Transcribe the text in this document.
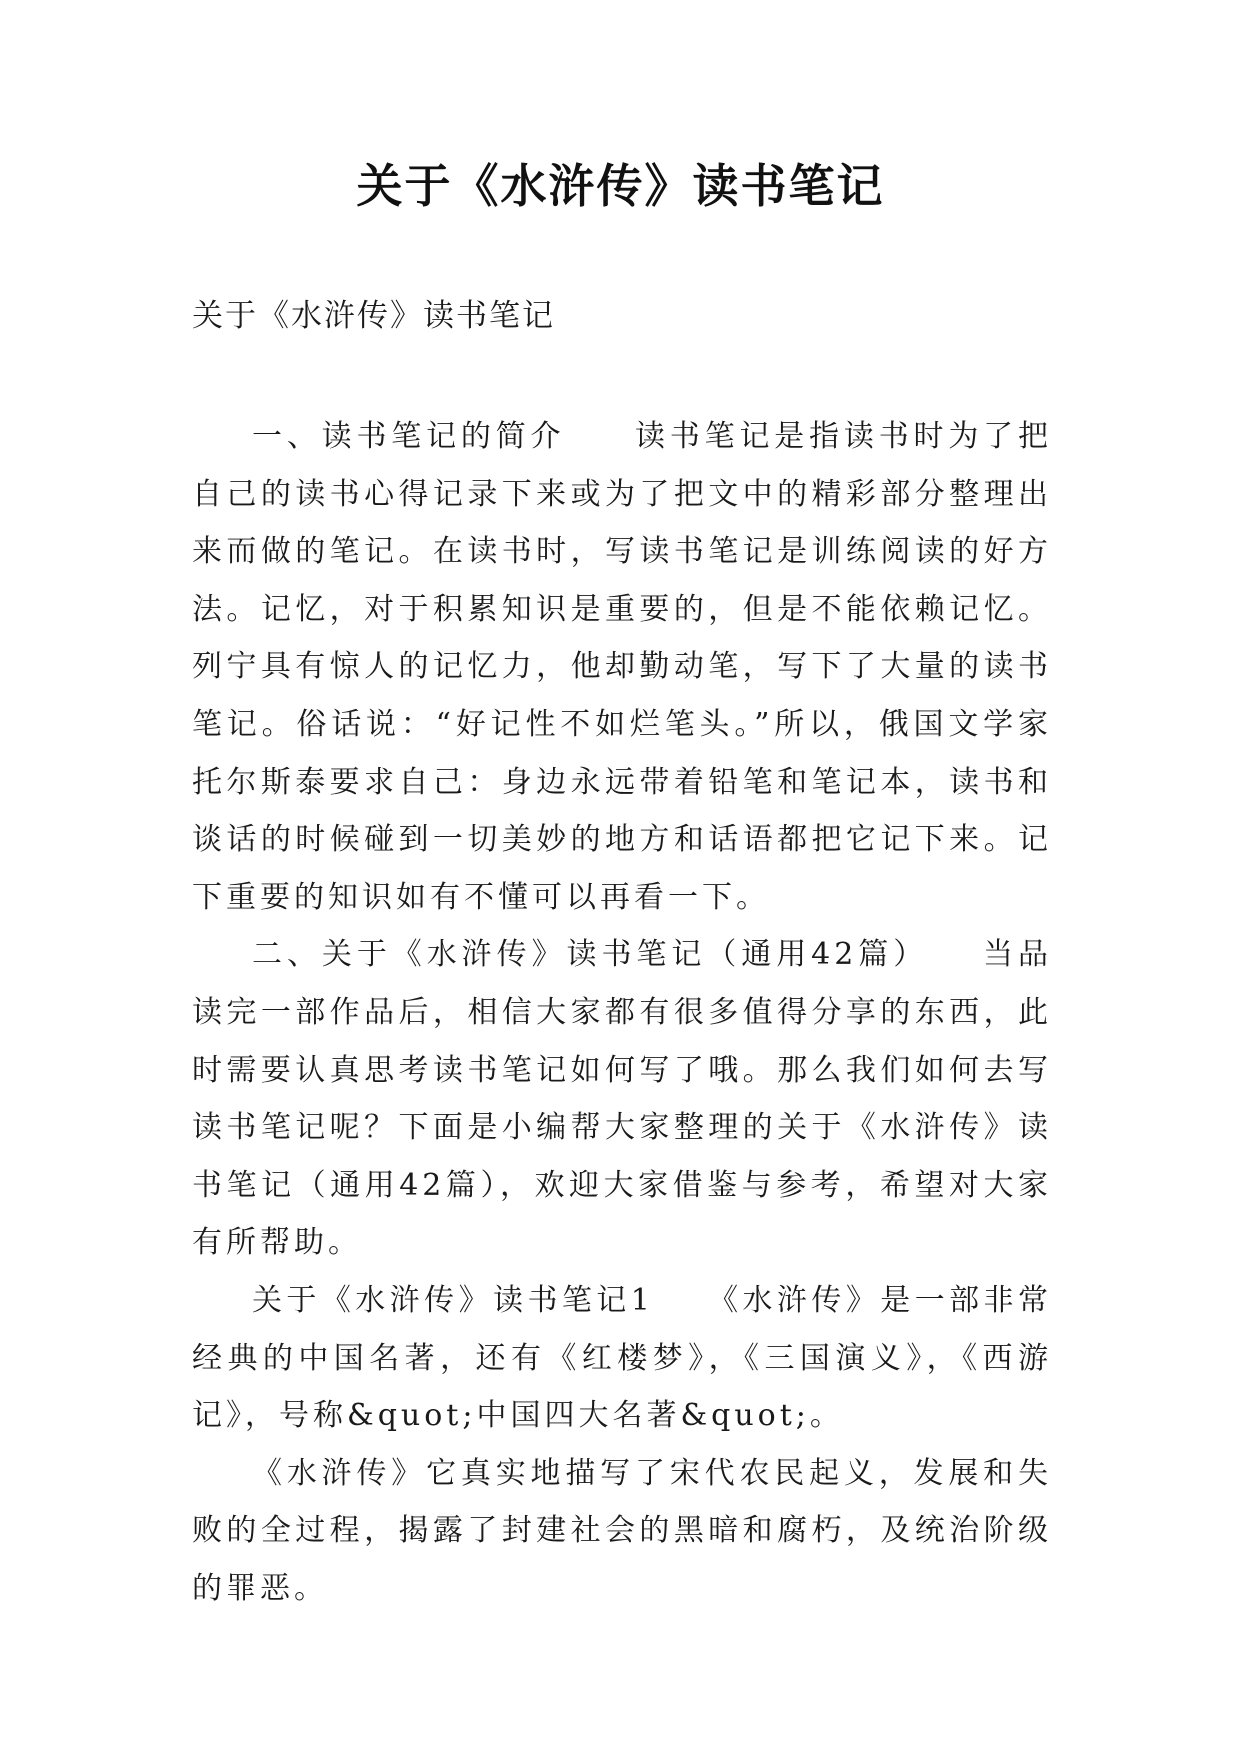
关于《水浒传》读书笔记

关于《水浒传》读书笔记

一、读书笔记的简介　　读书笔记是指读书时为了把自己的读书心得记录下来或为了把文中的精彩部分整理出来而做的笔记。在读书时，写读书笔记是训练阅读的好方法。记忆，对于积累知识是重要的，但是不能依赖记忆。列宁具有惊人的记忆力，他却勤动笔，写下了大量的读书笔记。俗话说：“好记性不如烂笔头。”所以，俄国文学家托尔斯泰要求自己：身边永远带着铅笔和笔记本，读书和谈话的时候碰到一切美妙的地方和话语都把它记下来。记下重要的知识如有不懂可以再看一下。

二、关于《水浒传》读书笔记（通用42篇）　　当品读完一部作品后，相信大家都有很多值得分享的东西，此时需要认真思考读书笔记如何写了哦。那么我们如何去写读书笔记呢？下面是小编帮大家整理的关于《水浒传》读书笔记（通用42篇），欢迎大家借鉴与参考，希望对大家有所帮助。

关于《水浒传》读书笔记1　　《水浒传》是一部非常经典的中国名著，还有《红楼梦》，《三国演义》，《西游记》，号称&quot;中国四大名著&quot;。

《水浒传》它真实地描写了宋代农民起义，发展和失败的全过程，揭露了封建社会的黑暗和腐朽，及统治阶级的罪恶。
